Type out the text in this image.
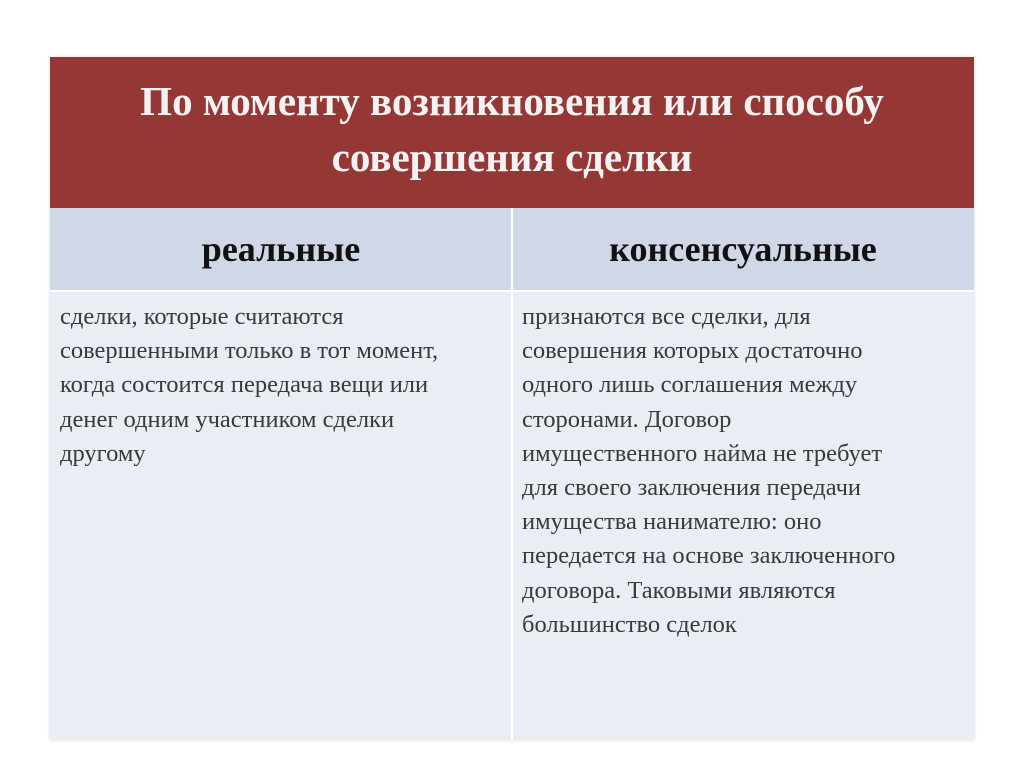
По моменту возникновения или способу совершения сделки
реальные	консенсуальные
сделки, которые считаются
совершенными только в тот момент,
когда состоится передача вещи или
денег одним участником сделки
другому
признаются все сделки, для
совершения которых достаточно
одного лишь соглашения между
сторонами. Договор
имущественного найма не требует
для своего заключения передачи
имущества нанимателю: оно
передается на основе заключенного
договора. Таковыми являются
большинство сделок
